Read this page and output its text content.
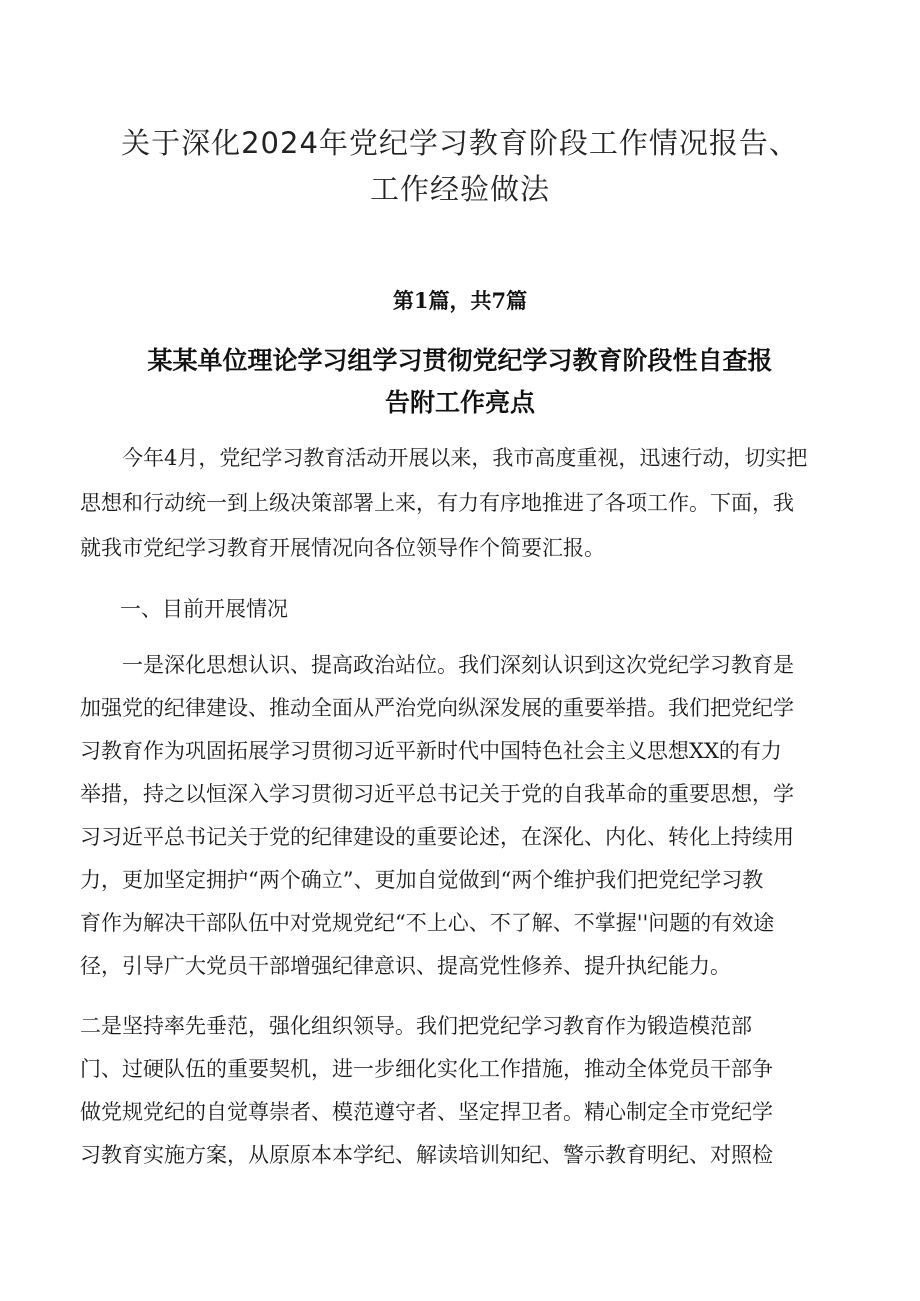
关于深化2024年党纪学习教育阶段工作情况报告、
工作经验做法
第1篇，共7篇
某某单位理论学习组学习贯彻党纪学习教育阶段性自查报
告附工作亮点
今年4月，党纪学习教育活动开展以来，我市高度重视，迅速行动，切实把
思想和行动统一到上级决策部署上来，有力有序地推进了各项工作。下面，我
就我市党纪学习教育开展情况向各位领导作个简要汇报。
一、目前开展情况
一是深化思想认识、提高政治站位。我们深刻认识到这次党纪学习教育是
加强党的纪律建设、推动全面从严治党向纵深发展的重要举措。我们把党纪学
习教育作为巩固拓展学习贯彻习近平新时代中国特色社会主义思想XX的有力
举措，持之以恒深入学习贯彻习近平总书记关于党的自我革命的重要思想，学
习习近平总书记关于党的纪律建设的重要论述，在深化、内化、转化上持续用
力，更加坚定拥护“两个确立”、更加自觉做到“两个维护我们把党纪学习教
育作为解决干部队伍中对党规党纪“不上心、不了解、不掌握''问题的有效途
径，引导广大党员干部增强纪律意识、提高党性修养、提升执纪能力。
二是坚持率先垂范，强化组织领导。我们把党纪学习教育作为锻造模范部
门、过硬队伍的重要契机，进一步细化实化工作措施，推动全体党员干部争
做党规党纪的自觉尊崇者、模范遵守者、坚定捍卫者。精心制定全市党纪学
习教育实施方案，从原原本本学纪、解读培训知纪、警示教育明纪、对照检
